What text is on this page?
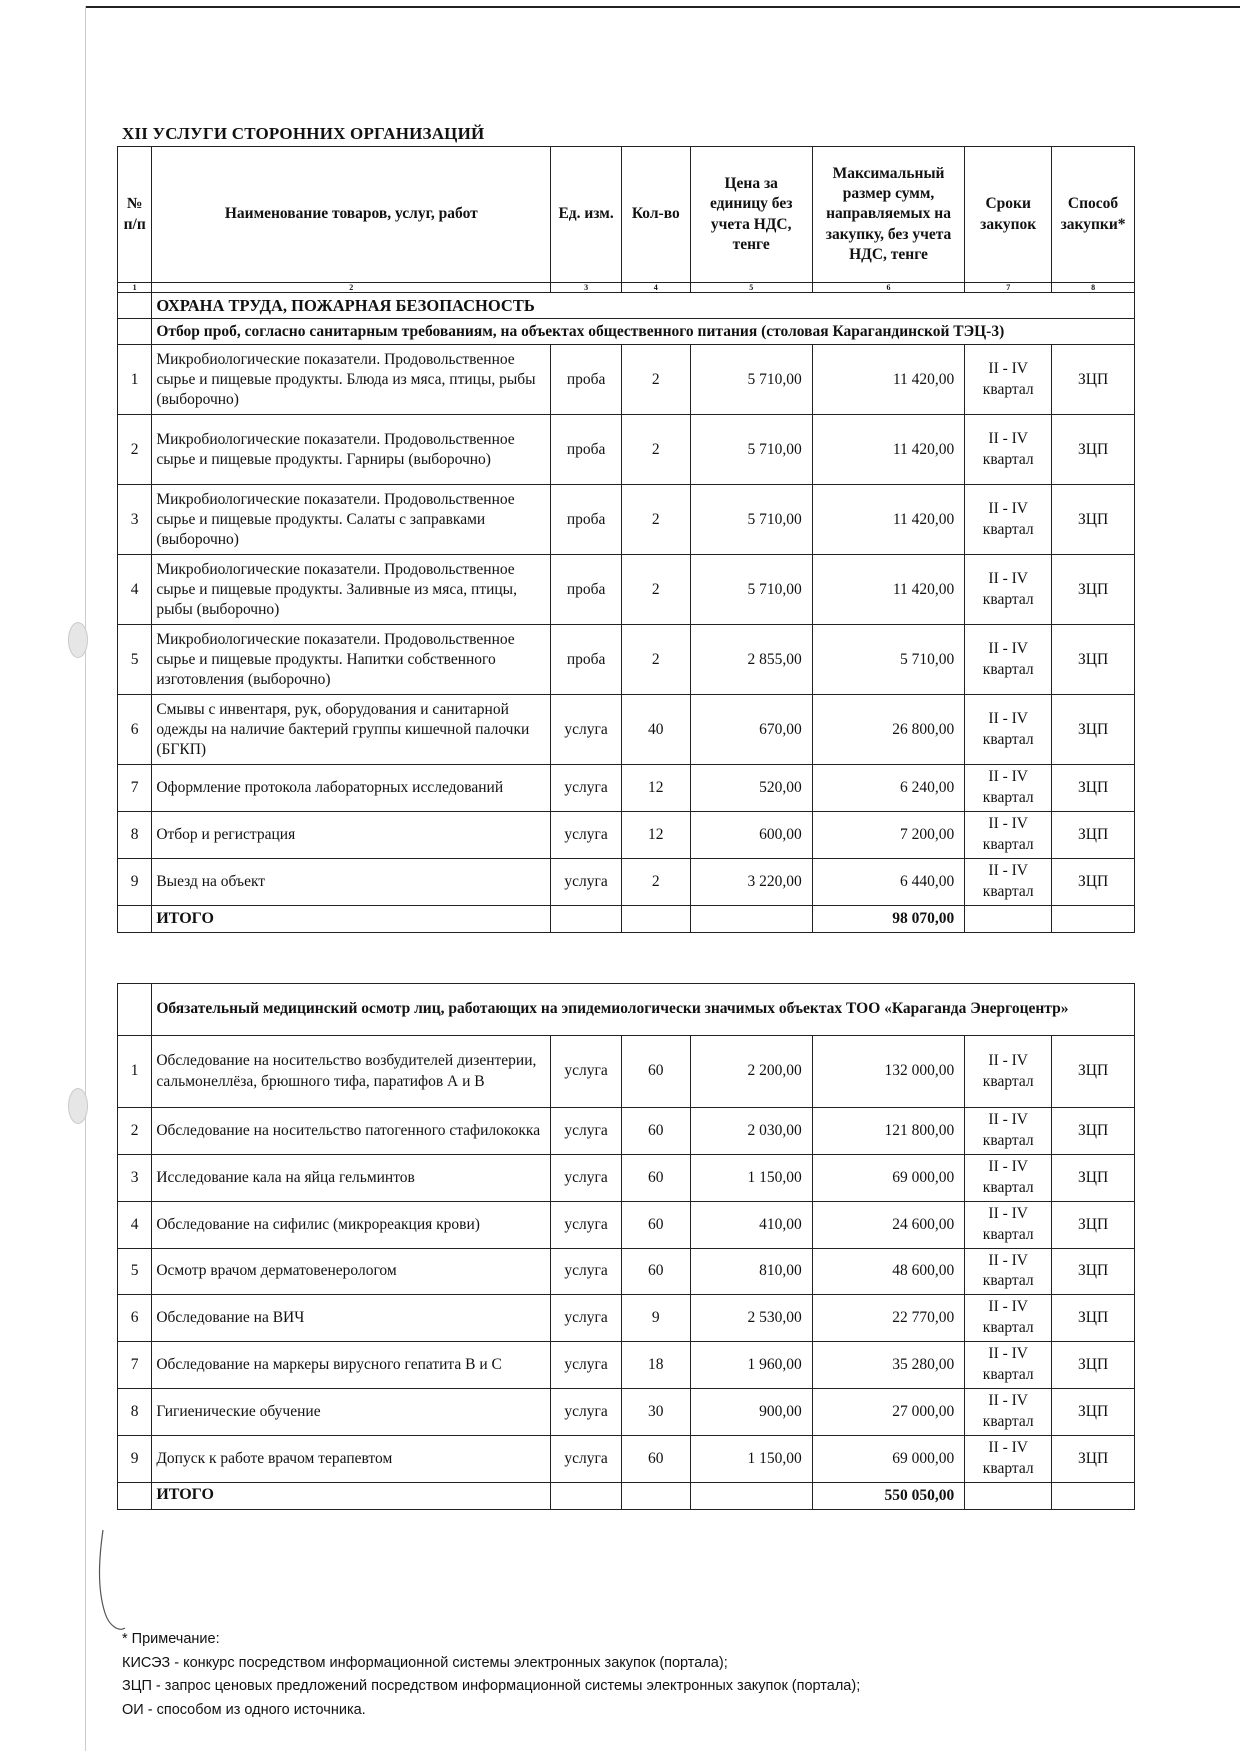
XII УСЛУГИ СТОРОННИХ ОРГАНИЗАЦИЙ
№ п/п	Наименование товаров, услуг, работ	Ед. изм.	Кол-во	Цена за единицу без учета НДС, тенге	Максимальный размер сумм, направляемых на закупку, без учета НДС, тенге	Сроки закупок	Способ закупки*
1	2	3	4	5	6	7	8
	ОХРАНА ТРУДА, ПОЖАРНАЯ БЕЗОПАСНОСТЬ						
	Отбор проб, согласно санитарным требованиям, на объектах общественного питания (столовая Карагандинской ТЭЦ-3)						
1	Микробиологические показатели. Продовольственное сырье и пищевые продукты. Блюда из мяса, птицы, рыбы (выборочно)	проба	2	5 710,00	11 420,00	II - IV квартал	ЗЦП
2	Микробиологические показатели. Продовольственное сырье и пищевые продукты. Гарниры (выборочно)	проба	2	5 710,00	11 420,00	II - IV квартал	ЗЦП
3	Микробиологические показатели. Продовольственное сырье и пищевые продукты. Салаты с заправками (выборочно)	проба	2	5 710,00	11 420,00	II - IV квартал	ЗЦП
4	Микробиологические показатели. Продовольственное сырье и пищевые продукты. Заливные из мяса, птицы, рыбы (выборочно)	проба	2	5 710,00	11 420,00	II - IV квартал	ЗЦП
5	Микробиологические показатели. Продовольственное сырье и пищевые продукты. Напитки собственного изготовления (выборочно)	проба	2	2 855,00	5 710,00	II - IV квартал	ЗЦП
6	Смывы с инвентаря, рук, оборудования и санитарной одежды на наличие бактерий группы кишечной палочки (БГКП)	услуга	40	670,00	26 800,00	II - IV квартал	ЗЦП
7	Оформление протокола лабораторных исследований	услуга	12	520,00	6 240,00	II - IV квартал	ЗЦП
8	Отбор и регистрация	услуга	12	600,00	7 200,00	II - IV квартал	ЗЦП
9	Выезд на объект	услуга	2	3 220,00	6 440,00	II - IV квартал	ЗЦП
	ИТОГО				98 070,00		
	Обязательный медицинский осмотр лиц, работающих на эпидемиологически значимых объектах ТОО «Караганда Энергоцентр»						
1	Обследование на носительство возбудителей дизентерии, сальмонеллёза, брюшного тифа, паратифов А и В	услуга	60	2 200,00	132 000,00	II - IV квартал	ЗЦП
2	Обследование на носительство патогенного стафилококка	услуга	60	2 030,00	121 800,00	II - IV квартал	ЗЦП
3	Исследование кала на яйца гельминтов	услуга	60	1 150,00	69 000,00	II - IV квартал	ЗЦП
4	Обследование на сифилис (микрореакция крови)	услуга	60	410,00	24 600,00	II - IV квартал	ЗЦП
5	Осмотр врачом дерматовенерологом	услуга	60	810,00	48 600,00	II - IV квартал	ЗЦП
6	Обследование на ВИЧ	услуга	9	2 530,00	22 770,00	II - IV квартал	ЗЦП
7	Обследование на маркеры вирусного гепатита В и С	услуга	18	1 960,00	35 280,00	II - IV квартал	ЗЦП
8	Гигиенические обучение	услуга	30	900,00	27 000,00	II - IV квартал	ЗЦП
9	Допуск к работе врачом терапевтом	услуга	60	1 150,00	69 000,00	II - IV квартал	ЗЦП
	ИТОГО				550 050,00		
* Примечание:
КИСЭЗ - конкурс посредством информационной системы электронных закупок (портала);
ЗЦП - запрос ценовых предложений посредством информационной системы электронных закупок (портала);
ОИ - способом из одного источника.
